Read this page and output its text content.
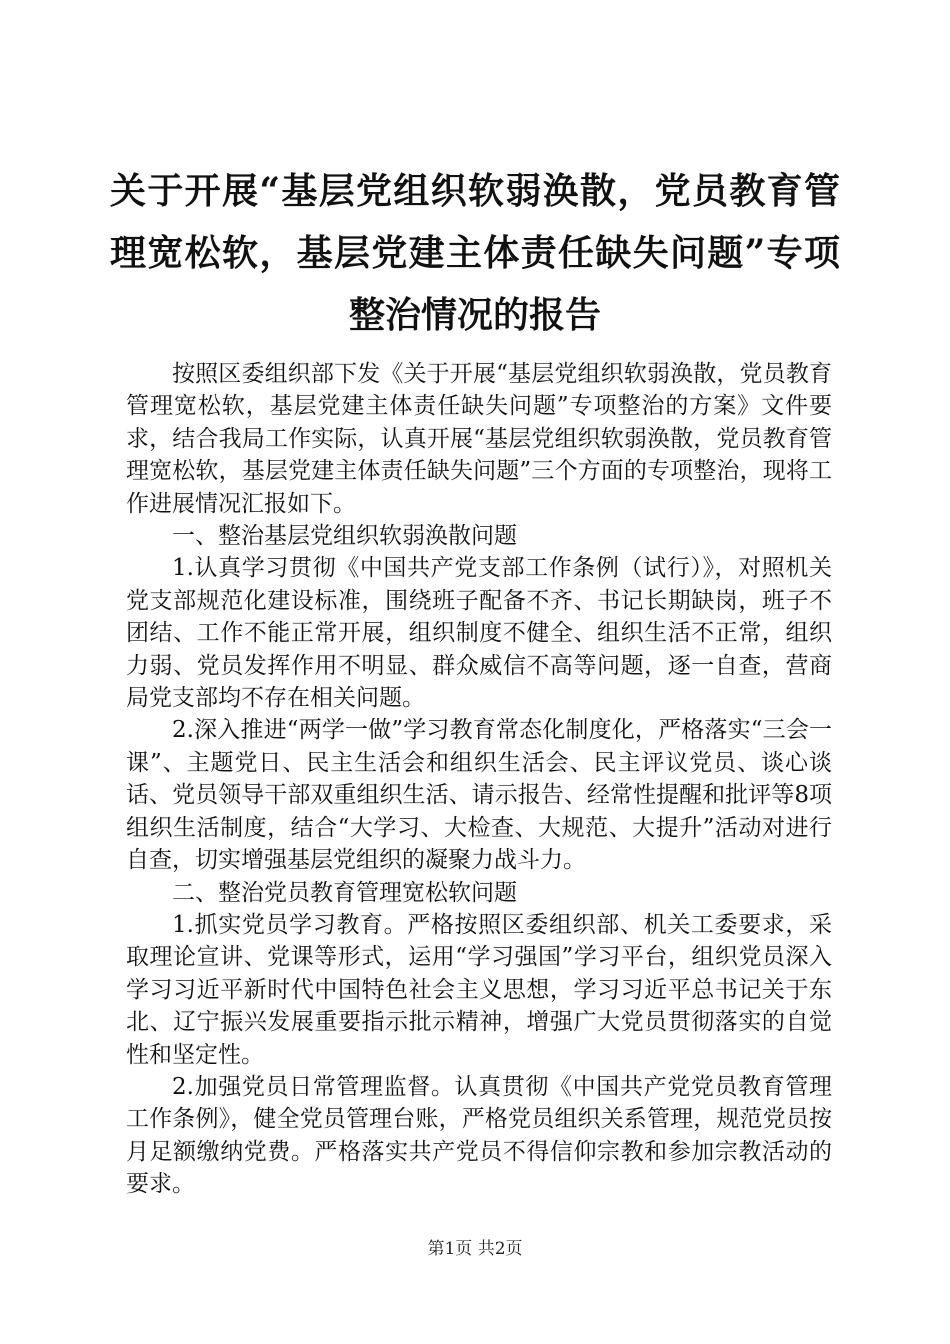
关于开展“基层党组织软弱涣散，党员教育管理宽松软，基层党建主体责任缺失问题”专项整治情况的报告

按照区委组织部下发《关于开展“基层党组织软弱涣散，党员教育管理宽松软，基层党建主体责任缺失问题”专项整治的方案》文件要求，结合我局工作实际，认真开展“基层党组织软弱涣散，党员教育管理宽松软，基层党建主体责任缺失问题”三个方面的专项整治，现将工作进展情况汇报如下。

一、整治基层党组织软弱涣散问题

1.认真学习贯彻《中国共产党支部工作条例（试行）》，对照机关党支部规范化建设标准，围绕班子配备不齐、书记长期缺岗，班子不团结、工作不能正常开展，组织制度不健全、组织生活不正常，组织力弱、党员发挥作用不明显、群众威信不高等问题，逐一自查，营商局党支部均不存在相关问题。

2.深入推进“两学一做”学习教育常态化制度化，严格落实“三会一课”、主题党日、民主生活会和组织生活会、民主评议党员、谈心谈话、党员领导干部双重组织生活、请示报告、经常性提醒和批评等8项组织生活制度，结合“大学习、大检查、大规范、大提升”活动对进行自查，切实增强基层党组织的凝聚力战斗力。

二、整治党员教育管理宽松软问题

1.抓实党员学习教育。严格按照区委组织部、机关工委要求，采取理论宣讲、党课等形式，运用“学习强国”学习平台，组织党员深入学习习近平新时代中国特色社会主义思想，学习习近平总书记关于东北、辽宁振兴发展重要指示批示精神，增强广大党员贯彻落实的自觉性和坚定性。

2.加强党员日常管理监督。认真贯彻《中国共产党党员教育管理工作条例》，健全党员管理台账，严格党员组织关系管理，规范党员按月足额缴纳党费。严格落实共产党员不得信仰宗教和参加宗教活动的要求。

第1页 共2页
